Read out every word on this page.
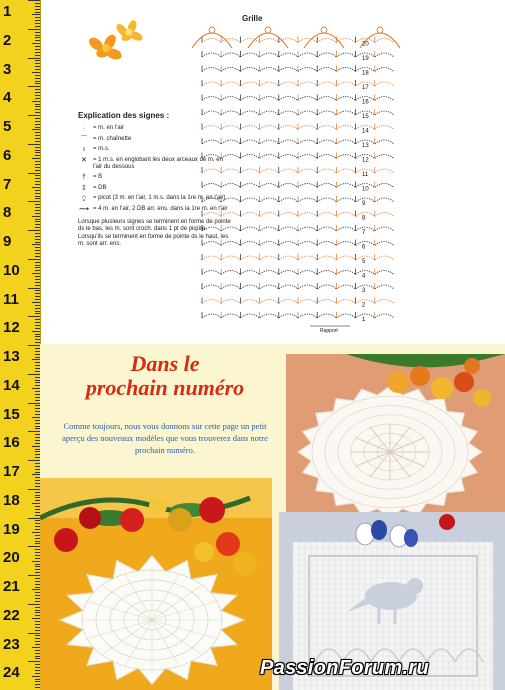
1
2
3
4
5
6
7
8
9
10
11
12
13
14
15
16
17
18
19
20
21
22
23
24
Grille
20
19
18
17
16
15
14
13
12
11
10
9
8
7
6
5
4
3
2
1
Rapport
Explication des signes :
·	= m. en l'air
⌒ = m. chaînette
ı	= m.s.
✕	= 1 m.s. en englobant les deux arceaux de m. en l'air du dessous
†	= B
‡	= DB
⍜	= picot (3 m. en l'air, 1 m.s. dans la 1re m. en l'air)
⟿ = 4 m. en l'air, 2 DB arr. ens. dans la 1re m. en l'air
Lorsque plusieurs signes se terminent en forme de pointe ds le bas, les m. sont croch. dans 1 pt de piqûre. Lorsqu'ils se terminent en forme de pointe ds le haut, les m. sont arr. ens.
Dans le
prochain numéro
Comme toujours, nous vous donnons sur cette page un petit aperçu des nouveaux modèles que vous trouverez dans notre prochain numéro.
PassionForum.ru
